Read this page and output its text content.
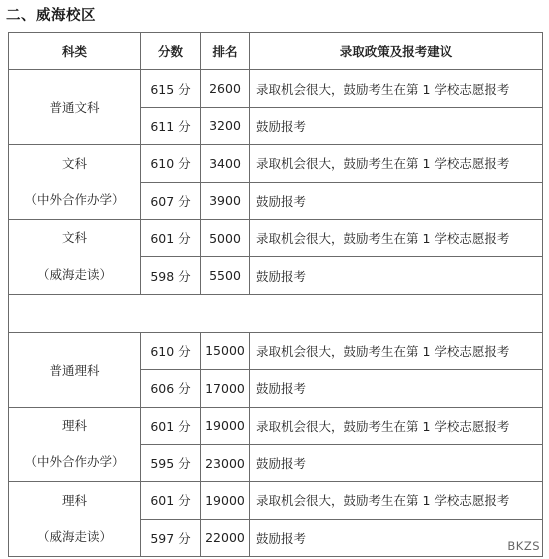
二、威海校区
科类	分数	排名	录取政策及报考建议
普通文科	615 分	2600	录取机会很大，鼓励考生在第 1 学校志愿报考
	611 分	3200	鼓励报考

文科
（中外合作办学）	610 分	3400	录取机会很大，鼓励考生在第 1 学校志愿报考
	607 分	3900	鼓励报考

文科
（威海走读）	601 分	5000	录取机会很大，鼓励考生在第 1 学校志愿报考
	598 分	5500	鼓励报考

普通理科	610 分	15000	录取机会很大，鼓励考生在第 1 学校志愿报考
	606 分	17000	鼓励报考

理科
（中外合作办学）	601 分	19000	录取机会很大，鼓励考生在第 1 学校志愿报考
	595 分	23000	鼓励报考

理科
（威海走读）	601 分	19000	录取机会很大，鼓励考生在第 1 学校志愿报考
	597 分	22000	鼓励报考
BKZS
